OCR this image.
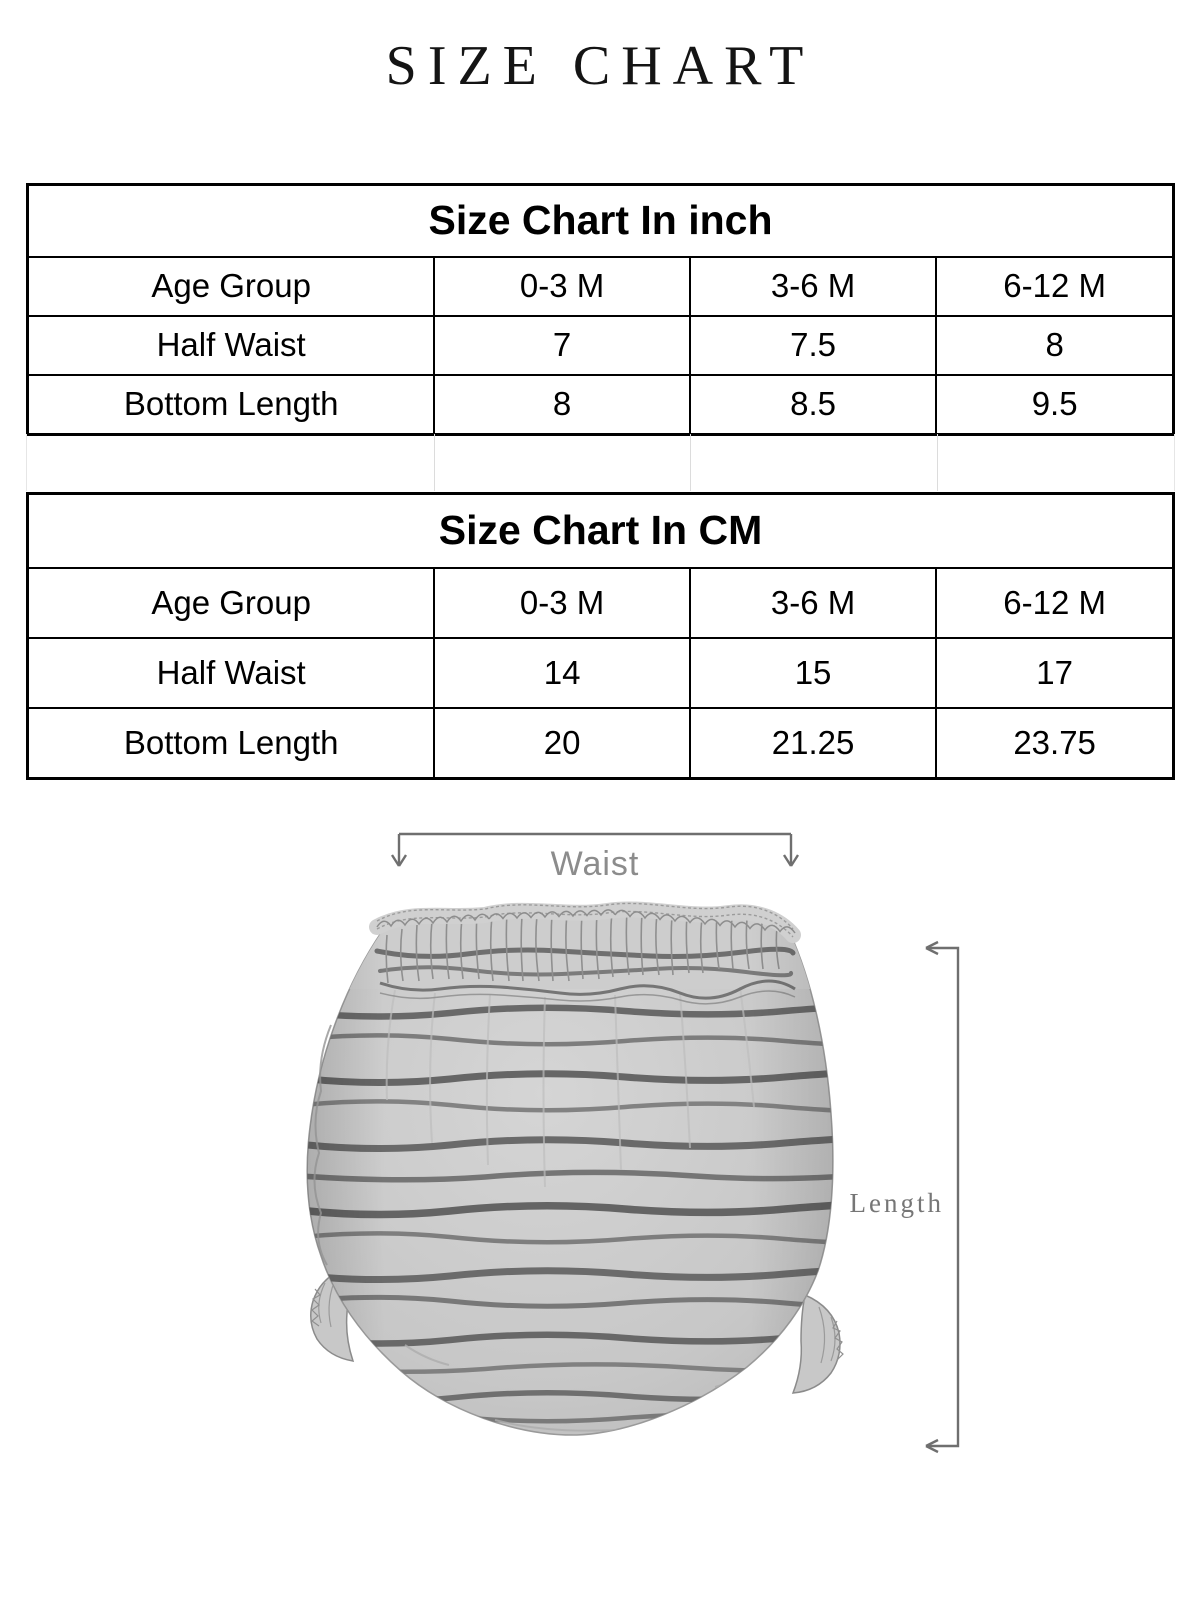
SIZE CHART
Size Chart In inch			
Age Group	0-3 M	3-6 M	6-12 M
Half Waist	7	7.5	8
Bottom Length	8	8.5	9.5
Size Chart In CM			
Age Group	0-3 M	3-6 M	6-12 M
Half Waist	14	15	17
Bottom Length	20	21.25	23.75
Waist
Length
